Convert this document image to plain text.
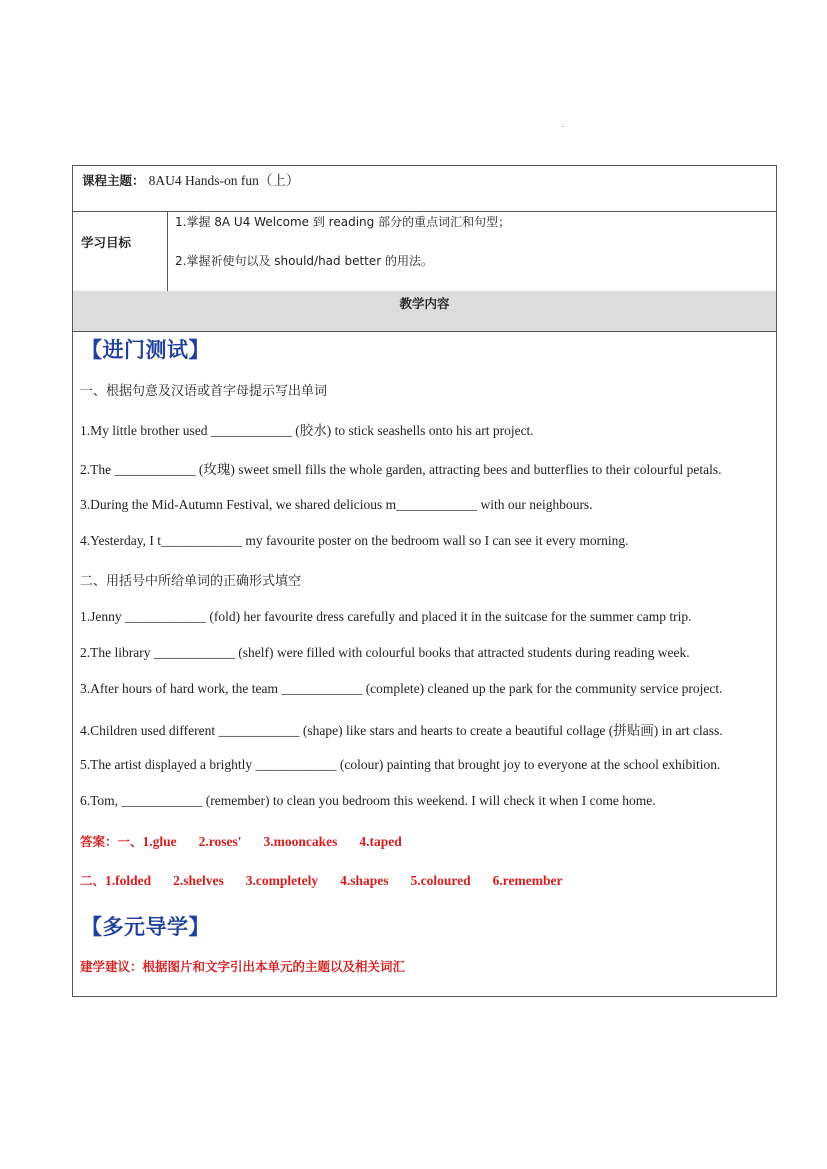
课程主题： 8AU4 Hands-on fun（上）
学习目标
1.掌握 8A U4 Welcome 到 reading 部分的重点词汇和句型；
2.掌握祈使句以及 should/had better 的用法。
教学内容
【进门测试】
一、根据句意及汉语或首字母提示写出单词
1.My little brother used ____________ (胶水) to stick seashells onto his art project.
2.The ____________ (玫瑰) sweet smell fills the whole garden, attracting bees and butterflies to their colourful petals.
3.During the Mid-Autumn Festival, we shared delicious m____________ with our neighbours.
4.Yesterday, I t____________ my favourite poster on the bedroom wall so I can see it every morning.
二、用括号中所给单词的正确形式填空
1.Jenny ____________ (fold) her favourite dress carefully and placed it in the suitcase for the summer camp trip.
2.The library ____________ (shelf) were filled with colourful books that attracted students during reading week.
3.After hours of hard work, the team ____________ (complete) cleaned up the park for the community service project.
4.Children used different ____________ (shape) like stars and hearts to create a beautiful collage (拼贴画) in art class.
5.The artist displayed a brightly ____________ (colour) painting that brought joy to everyone at the school exhibition.
6.Tom, ____________ (remember) to clean you bedroom this weekend. I will check it when I come home.
答案：一、1.glue 2.roses' 3.mooncakes 4.taped
二、1.folded 2.shelves 3.completely 4.shapes 5.coloured 6.remember
【多元导学】
建学建议：根据图片和文字引出本单元的主题以及相关词汇
